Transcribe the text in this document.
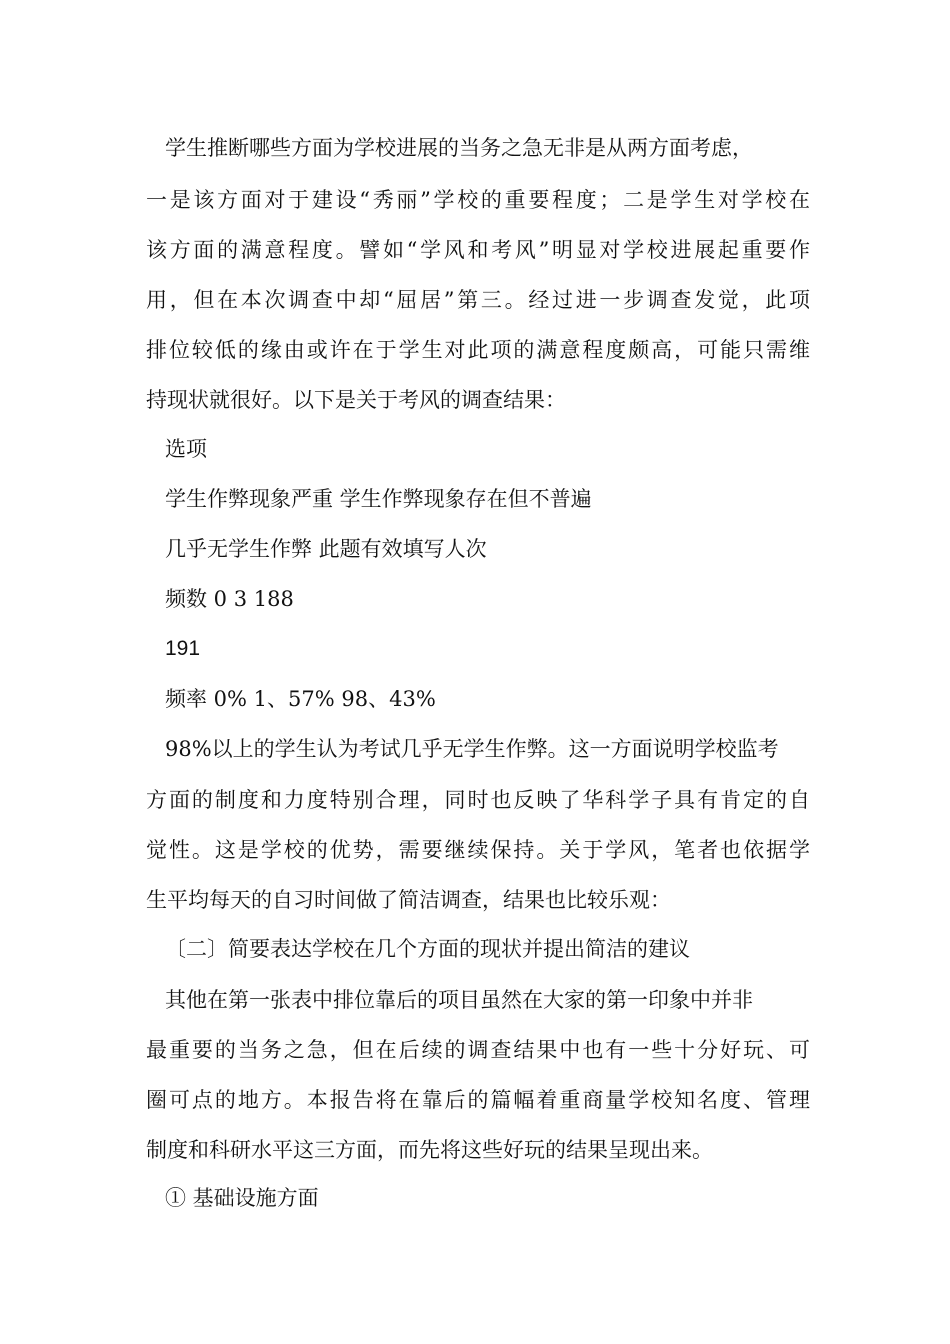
学生推断哪些方面为学校进展的当务之急无非是从两方面考虑，
一是该方面对于建设“秀丽”学校的重要程度；二是学生对学校在
该方面的满意程度。譬如“学风和考风”明显对学校进展起重要作
用，但在本次调查中却“屈居”第三。经过进一步调查发觉，此项
排位较低的缘由或许在于学生对此项的满意程度颇高，可能只需维
持现状就很好。以下是关于考风的调查结果：
选项
学生作弊现象严重 学生作弊现象存在但不普遍
几乎无学生作弊 此题有效填写人次
频数 0 3 188
191
频率 0% 1、57% 98、43%
98%以上的学生认为考试几乎无学生作弊。这一方面说明学校监考
方面的制度和力度特别合理，同时也反映了华科学子具有肯定的自
觉性。这是学校的优势，需要继续保持。关于学风，笔者也依据学
生平均每天的自习时间做了简洁调查，结果也比较乐观：
〔二〕简要表达学校在几个方面的现状并提出简洁的建议
其他在第一张表中排位靠后的项目虽然在大家的第一印象中并非
最重要的当务之急，但在后续的调查结果中也有一些十分好玩、可
圈可点的地方。本报告将在靠后的篇幅着重商量学校知名度、管理
制度和科研水平这三方面，而先将这些好玩的结果呈现出来。
① 基础设施方面
